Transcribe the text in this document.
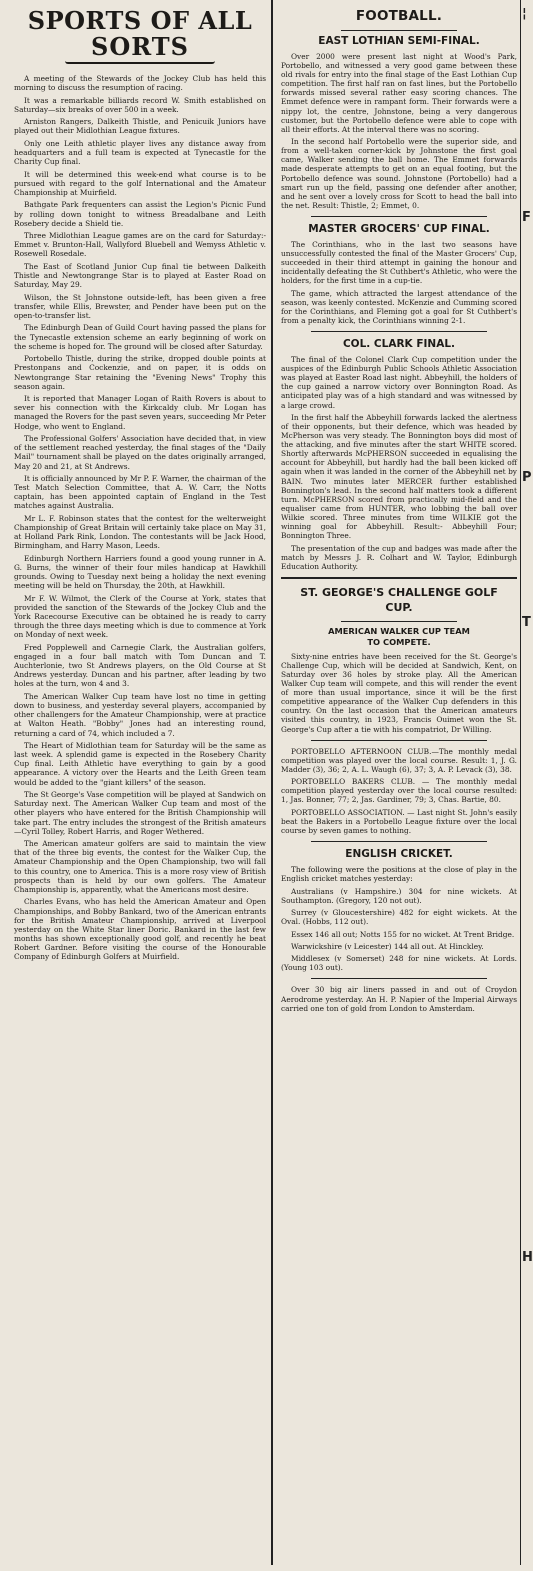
¦
F
P
T
H
SPORTS OF ALL
SORTS
A meeting of the Stewards of the Jockey Club has held this morning to discuss the resumption of racing.
It was a remarkable billiards record W. Smith established on Saturday—six breaks of over 500 in a week.
Arniston Rangers, Dalkeith Thistle, and Penicuik Juniors have played out their Midlothian League fixtures.
Only one Leith athletic player lives any distance away from headquarters and a full team is expected at Tynecastle for the Charity Cup final.
It will be determined this week-end what course is to be pursued with regard to the golf International and the Amateur Championship at Muirfield.
Bathgate Park frequenters can assist the Legion's Picnic Fund by rolling down tonight to witness Breadalbane and Leith Rosebery decide a Shield tie.
Three Midlothian League games are on the card for Saturday:- Emmet v. Brunton-Hall, Wallyford Bluebell and Wemyss Athletic v. Rosewell Rosedale.
The East of Scotland Junior Cup final tie between Dalkeith Thistle and Newtongrange Star is to played at Easter Road on Saturday, May 29.
Wilson, the St Johnstone outside-left, has been given a free transfer, while Ellis, Brewster, and Pender have been put on the open-to-transfer list.
The Edinburgh Dean of Guild Court having passed the plans for the Tynecastle extension scheme an early beginning of work on the scheme is hoped for. The ground will be closed after Saturday.
Portobello Thistle, during the strike, dropped double points at Prestonpans and Cockenzie, and on paper, it is odds on Newtongrange Star retaining the "Evening News" Trophy this season again.
It is reported that Manager Logan of Raith Rovers is about to sever his connection with the Kirkcaldy club. Mr Logan has managed the Rovers for the past seven years, succeeding Mr Peter Hodge, who went to England.
The Professional Golfers' Association have decided that, in view of the settlement reached yesterday, the final stages of the "Daily Mail" tournament shall be played on the dates originally arranged, May 20 and 21, at St Andrews.
It is officially announced by Mr P. F. Warner, the chairman of the Test Match Selection Committee, that A. W. Carr, the Notts captain, has been appointed captain of England in the Test matches against Australia.
Mr L. F. Robinson states that the contest for the welterweight Championship of Great Britain will certainly take place on May 31, at Holland Park Rink, London. The contestants will be Jack Hood, Birmingham, and Harry Mason, Leeds.
Edinburgh Northern Harriers found a good young runner in A. G. Burns, the winner of their four miles handicap at Hawkhill grounds. Owing to Tuesday next being a holiday the next evening meeting will be held on Thursday, the 20th, at Hawkhill.
Mr F. W. Wilmot, the Clerk of the Course at York, states that provided the sanction of the Stewards of the Jockey Club and the York Racecourse Executive can be obtained he is ready to carry through the three days meeting which is due to commence at York on Monday of next week.
Fred Popplewell and Carnegie Clark, the Australian golfers, engaged in a four ball match with Tom Duncan and T. Auchterlonie, two St Andrews players, on the Old Course at St Andrews yesterday. Duncan and his partner, after leading by two holes at the turn, won 4 and 3.
The American Walker Cup team have lost no time in getting down to business, and yesterday several players, accompanied by other challengers for the Amateur Championship, were at practice at Walton Heath. "Bobby" Jones had an interesting round, returning a card of 74, which included a 7.
The Heart of Midlothian team for Saturday will be the same as last week. A splendid game is expected in the Rosebery Charity Cup final. Leith Athletic have everything to gain by a good appearance. A victory over the Hearts and the Leith Green team would be added to the "giant killers" of the season.
The St George's Vase competition will be played at Sandwich on Saturday next. The American Walker Cup team and most of the other players who have entered for the British Championship will take part. The entry includes the strongest of the British amateurs—Cyril Tolley, Robert Harris, and Roger Wethered.
The American amateur golfers are said to maintain the view that of the three big events, the contest for the Walker Cup, the Amateur Championship and the Open Championship, two will fall to this country, one to America. This is a more rosy view of British prospects than is held by our own golfers. The Amateur Championship is, apparently, what the Americans most desire.
Charles Evans, who has held the American Amateur and Open Championships, and Bobby Bankard, two of the American entrants for the British Amateur Championship, arrived at Liverpool yesterday on the White Star liner Doric. Bankard in the last few months has shown exceptionally good golf, and recently he beat Robert Gardner. Before visiting the course of the Honourable Company of Edinburgh Golfers at Muirfield.
FOOTBALL.
EAST LOTHIAN SEMI-FINAL.
Over 2000 were present last night at Wood's Park, Portobello, and witnessed a very good game between these old rivals for entry into the final stage of the East Lothian Cup competition. The first half ran on fast lines, but the Portobello forwards missed several rather easy scoring chances. The Emmet defence were in rampant form. Their forwards were a nippy lot, the centre, Johnstone, being a very dangerous customer, but the Portobello defence were able to cope with all their efforts. At the interval there was no scoring.
In the second half Portobello were the superior side, and from a well-taken corner-kick by Johnstone the first goal came, Walker sending the ball home. The Emmet forwards made desperate attempts to get on an equal footing, but the Portobello defence was sound. Johnstone (Portobello) had a smart run up the field, passing one defender after another, and he sent over a lovely cross for Scott to head the ball into the net. Result: Thistle, 2; Emmet, 0.
MASTER GROCERS' CUP FINAL.
The Corinthians, who in the last two seasons have unsuccessfully contested the final of the Master Grocers' Cup, succeeded in their third attempt in gaining the honour and incidentally defeating the St Cuthbert's Athletic, who were the holders, for the first time in a cup-tie.
The game, which attracted the largest attendance of the season, was keenly contested. McKenzie and Cumming scored for the Corinthians, and Fleming got a goal for St Cuthbert's from a penalty kick, the Corinthians winning 2-1.
COL. CLARK FINAL.
The final of the Colonel Clark Cup competition under the auspices of the Edinburgh Public Schools Athletic Association was played at Easter Road last night. Abbeyhill, the holders of the cup gained a narrow victory over Bonnington Road. As anticipated play was of a high standard and was witnessed by a large crowd.
In the first half the Abbeyhill forwards lacked the alertness of their opponents, but their defence, which was headed by McPherson was very steady. The Bonnington boys did most of the attacking, and five minutes after the start WHITE scored. Shortly afterwards McPHERSON succeeded in equalising the account for Abbeyhill, but hardly had the ball been kicked off again when it was landed in the corner of the Abbeyhill net by BAIN. Two minutes later MERCER further established Bonnington's lead. In the second half matters took a different turn. McPHERSON scored from practically mid-field and the equaliser came from HUNTER, who lobbing the ball over Wilkie scored. Three minutes from time WILKIE got the winning goal for Abbeyhill. Result:- Abbeyhill Four; Bonnington Three.
The presentation of the cup and badges was made after the match by Messrs J. R. Colhart and W. Taylor, Edinburgh Education Authority.
ST. GEORGE'S CHALLENGE GOLF
CUP.
AMERICAN WALKER CUP TEAM
TO COMPETE.
Sixty-nine entries have been received for the St. George's Challenge Cup, which will be decided at Sandwich, Kent, on Saturday over 36 holes by stroke play. All the American Walker Cup team will compete, and this will render the event of more than usual importance, since it will be the first competitive appearance of the Walker Cup defenders in this country. On the last occasion that the American amateurs visited this country, in 1923, Francis Ouimet won the St. George's Cup after a tie with his compatriot, Dr Willing.
PORTOBELLO AFTERNOON CLUB.—The monthly medal competition was played over the local course. Result: 1, J. G. Madder (3), 36; 2, A. L. Waugh (6), 37; 3, A. P. Levack (3), 38.
PORTOBELLO BAKERS CLUB. — The monthly medal competition played yesterday over the local course resulted: 1, Jas. Bonner, 77; 2, Jas. Gardiner, 79; 3, Chas. Bartie, 80.
PORTOBELLO ASSOCIATION. — Last night St. John's easily beat the Bakers in a Portobello League fixture over the local course by seven games to nothing.
ENGLISH CRICKET.
The following were the positions at the close of play in the English cricket matches yesterday:
Australians (v Hampshire.) 304 for nine wickets. At Southampton. (Gregory, 120 not out).
Surrey (v Gloucestershire) 482 for eight wickets. At the Oval. (Hobbs, 112 out).
Essex 146 all out; Notts 155 for no wicket. At Trent Bridge.
Warwickshire (v Leicester) 144 all out. At Hinckley.
Middlesex (v Somerset) 248 for nine wickets. At Lords. (Young 103 out).
Over 30 big air liners passed in and out of Croydon Aerodrome yesterday. An H. P. Napier of the Imperial Airways carried one ton of gold from London to Amsterdam.
